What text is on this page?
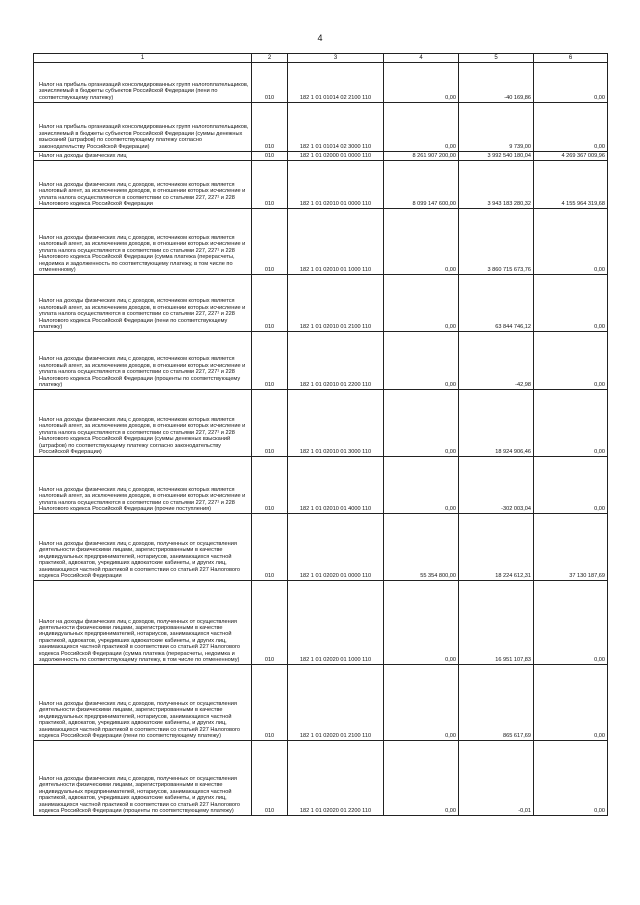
4
1	2	3	4	5	6
Налог на прибыль организаций консолидированных групп налогоплательщиков, зачисляемый в бюджеты субъектов Российской Федерации (пени по соответствующему платежу)	010	182 1 01 01014 02 2100 110	0,00	-40 169,86	0,00
Налог на прибыль организаций консолидированных групп налогоплательщиков, зачисляемый в бюджеты субъектов Российской Федерации (суммы денежных взысканий (штрафов) по соответствующему платежу согласно законодательству Российской Федерации)	010	182 1 01 01014 02 3000 110	0,00	9 739,00	0,00
Налог на доходы физических лиц	010	182 1 01 02000 01 0000 110	8 261 907 200,00	3 992 540 180,04	4 269 367 009,96
Налог на доходы физических лиц с доходов, источником которых является налоговый агент, за исключением доходов, в отношении которых исчисление и уплата налога осуществляются в соответствии со статьями 227, 227¹ и 228 Налогового кодекса Российской Федерации	010	182 1 01 02010 01 0000 110	8 099 147 600,00	3 943 183 280,32	4 155 964 319,68
Налог на доходы физических лиц с доходов, источником которых является налоговый агент, за исключением доходов, в отношении которых исчисление и уплата налога осуществляются в соответствии со статьями 227, 227¹ и 228 Налогового кодекса Российской Федерации (сумма платежа (перерасчеты, недоимка и задолженность по соответствующему платежу, в том числе по отмененному)	010	182 1 01 02010 01 1000 110	0,00	3 860 715 673,76	0,00
Налог на доходы физических лиц с доходов, источником которых является налоговый агент, за исключением доходов, в отношении которых исчисление и уплата налога осуществляются в соответствии со статьями 227, 227¹ и 228 Налогового кодекса Российской Федерации (пени по соответствующему платежу)	010	182 1 01 02010 01 2100 110	0,00	63 844 746,12	0,00
Налог на доходы физических лиц с доходов, источником которых является налоговый агент, за исключением доходов, в отношении которых исчисление и уплата налога осуществляются в соответствии со статьями 227, 227¹ и 228 Налогового кодекса Российской Федерации (проценты по соответствующему платежу)	010	182 1 01 02010 01 2200 110	0,00	-42,98	0,00
Налог на доходы физических лиц с доходов, источником которых является налоговый агент, за исключением доходов, в отношении которых исчисление и уплата налога осуществляются в соответствии со статьями 227, 227¹ и 228 Налогового кодекса Российской Федерации (суммы денежных взысканий (штрафов) по соответствующему платежу согласно законодательству Российской Федерации)	010	182 1 01 02010 01 3000 110	0,00	18 924 906,46	0,00
Налог на доходы физических лиц с доходов, источником которых является налоговый агент, за исключением доходов, в отношении которых исчисление и уплата налога осуществляются в соответствии со статьями 227, 227¹ и 228 Налогового кодекса Российской Федерации (прочие поступления)	010	182 1 01 02010 01 4000 110	0,00	-302 003,04	0,00
Налог на доходы физических лиц с доходов, полученных от осуществления деятельности физическими лицами, зарегистрированными в качестве индивидуальных предпринимателей, нотариусов, занимающихся частной практикой, адвокатов, учредивших адвокатские кабинеты, и других лиц, занимающихся частной практикой в соответствии со статьей 227 Налогового кодекса Российской Федерации	010	182 1 01 02020 01 0000 110	55 354 800,00	18 224 612,31	37 130 187,69
Налог на доходы физических лиц с доходов, полученных от осуществления деятельности физическими лицами, зарегистрированными в качестве индивидуальных предпринимателей, нотариусов, занимающихся частной практикой, адвокатов, учредивших адвокатские кабинеты, и других лиц, занимающихся частной практикой в соответствии со статьей 227 Налогового кодекса Российской Федерации (сумма платежа (перерасчеты, недоимка и задолженность по соответствующему платежу, в том числе по отмененному)	010	182 1 01 02020 01 1000 110	0,00	16 951 107,83	0,00
Налог на доходы физических лиц с доходов, полученных от осуществления деятельности физическими лицами, зарегистрированными в качестве индивидуальных предпринимателей, нотариусов, занимающихся частной практикой, адвокатов, учредивших адвокатские кабинеты, и других лиц, занимающихся частной практикой в соответствии со статьей 227 Налогового кодекса Российской Федерации (пени по соответствующему платежу)	010	182 1 01 02020 01 2100 110	0,00	865 617,69	0,00
Налог на доходы физических лиц с доходов, полученных от осуществления деятельности физическими лицами, зарегистрированными в качестве индивидуальных предпринимателей, нотариусов, занимающихся частной практикой, адвокатов, учредивших адвокатские кабинеты, и других лиц, занимающихся частной практикой в соответствии со статьей 227 Налогового кодекса Российской Федерации (проценты по соответствующему платежу)	010	182 1 01 02020 01 2200 110	0,00	-0,01	0,00
